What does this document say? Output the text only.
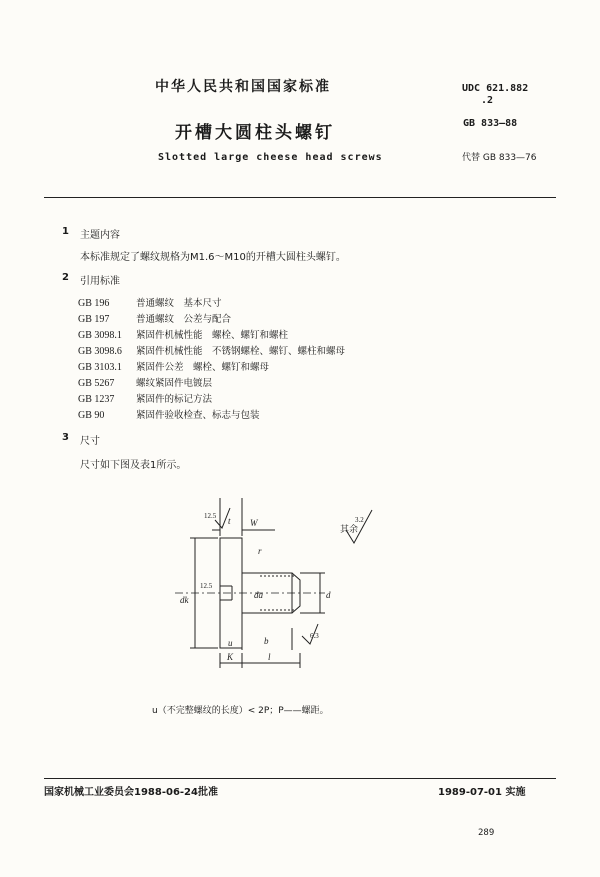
中华人民共和国国家标准	UDC 621.882
.2
开槽大圆柱头螺钉	GB 833—88
Slotted large cheese head screws	代替 GB 833—76
1 主题内容
本标准规定了螺纹规格为M1.6～M10的开槽大圆柱头螺钉。
2 引用标准
GB 196	普通螺纹　基本尺寸
GB 197	普通螺纹　公差与配合
GB 3098.1 紧固件机械性能　螺栓、螺钉和螺柱
GB 3098.6 紧固件机械性能　不锈钢螺栓、螺钉、螺柱和螺母
GB 3103.1 紧固件公差　螺栓、螺钉和螺母
GB 5267 螺纹紧固件电镀层
GB 1237 紧固件的标记方法
GB 90	紧固件验收检查、标志与包装
3 尺寸
尺寸如下图及表1所示。
t W
r
dk	da	d
u
K	l
b
12.5
6.3
12.5
3.2
其余
u（不完整螺纹的长度）< 2P；P——螺距。
国家机械工业委员会1988-06-24批准	1989-07-01 实施
289
